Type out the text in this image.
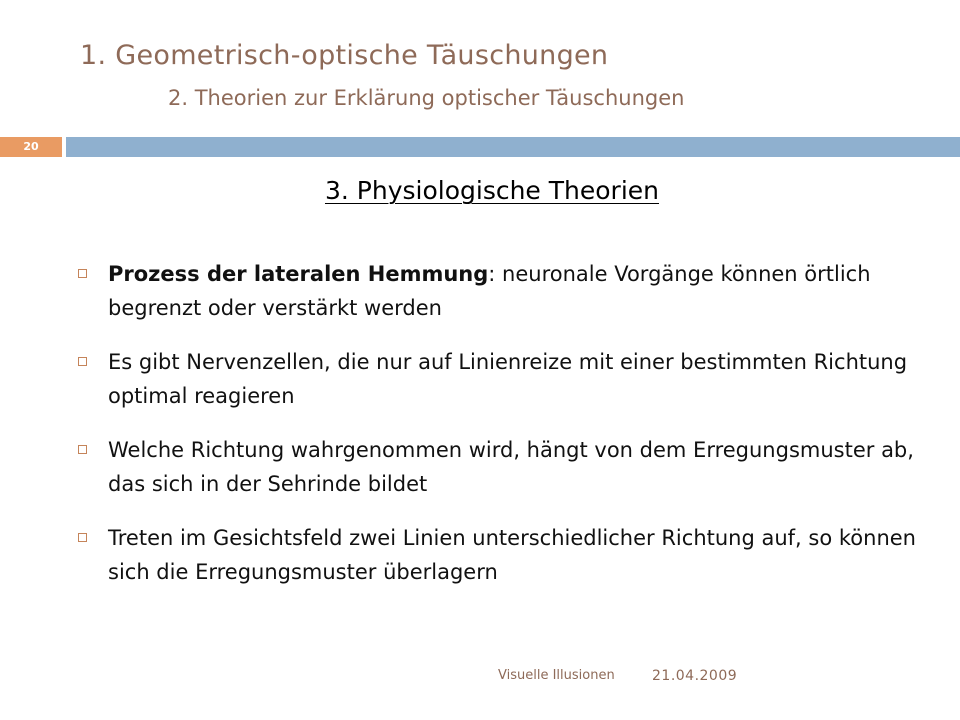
1. Geometrisch-optische Täuschungen
2. Theorien zur Erklärung optischer Täuschungen
20
3. Physiologische Theorien
Prozess der lateralen Hemmung: neuronale Vorgänge können örtlich begrenzt oder verstärkt werden
Es gibt Nervenzellen, die nur auf Linienreize mit einer bestimmten Richtung optimal reagieren
Welche Richtung wahrgenommen wird, hängt von dem Erregungsmuster ab, das sich in der Sehrinde bildet
Treten im Gesichtsfeld zwei Linien unterschiedlicher Richtung auf, so können sich die Erregungsmuster überlagern
Visuelle Illusionen	21.04.2009
